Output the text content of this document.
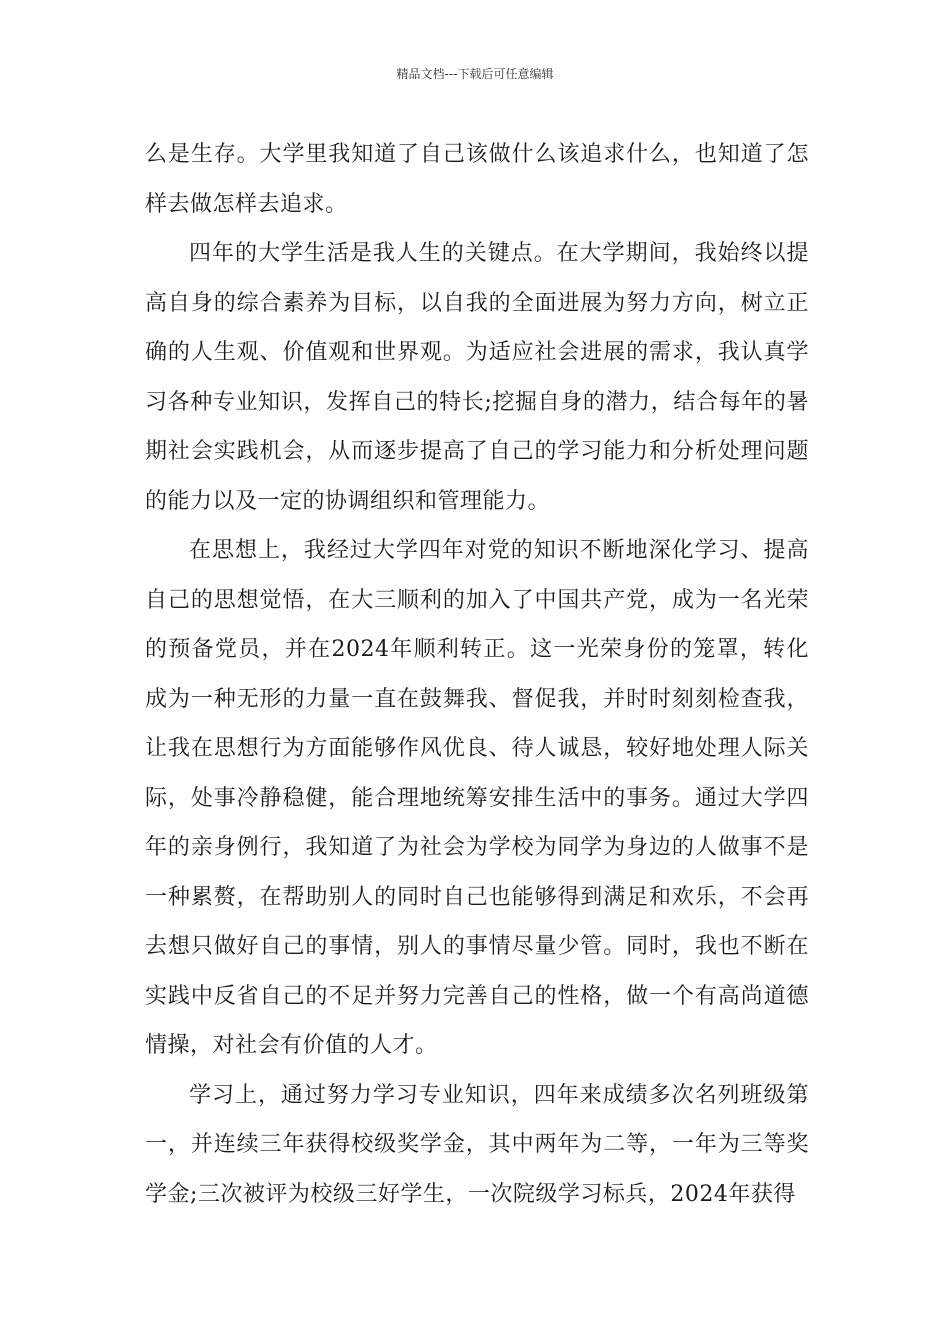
精品文档---下载后可任意编辑

么是生存。大学里我知道了自己该做什么该追求什么，也知道了怎样去做怎样去追求。

四年的大学生活是我人生的关键点。在大学期间，我始终以提高自身的综合素养为目标，以自我的全面进展为努力方向，树立正确的人生观、价值观和世界观。为适应社会进展的需求，我认真学习各种专业知识，发挥自己的特长;挖掘自身的潜力，结合每年的暑期社会实践机会，从而逐步提高了自己的学习能力和分析处理问题的能力以及一定的协调组织和管理能力。

在思想上，我经过大学四年对党的知识不断地深化学习、提高自己的思想觉悟，在大三顺利的加入了中国共产党，成为一名光荣的预备党员，并在2024年顺利转正。这一光荣身份的笼罩，转化成为一种无形的力量一直在鼓舞我、督促我，并时时刻刻检查我，让我在思想行为方面能够作风优良、待人诚恳，较好地处理人际关际，处事冷静稳健，能合理地统筹安排生活中的事务。通过大学四年的亲身例行，我知道了为社会为学校为同学为身边的人做事不是一种累赘，在帮助别人的同时自己也能够得到满足和欢乐，不会再去想只做好自己的事情，别人的事情尽量少管。同时，我也不断在实践中反省自己的不足并努力完善自己的性格，做一个有高尚道德情操，对社会有价值的人才。

学习上，通过努力学习专业知识，四年来成绩多次名列班级第一，并连续三年获得校级奖学金，其中两年为二等，一年为三等奖学金;三次被评为校级三好学生，一次院级学习标兵，2024年获得
